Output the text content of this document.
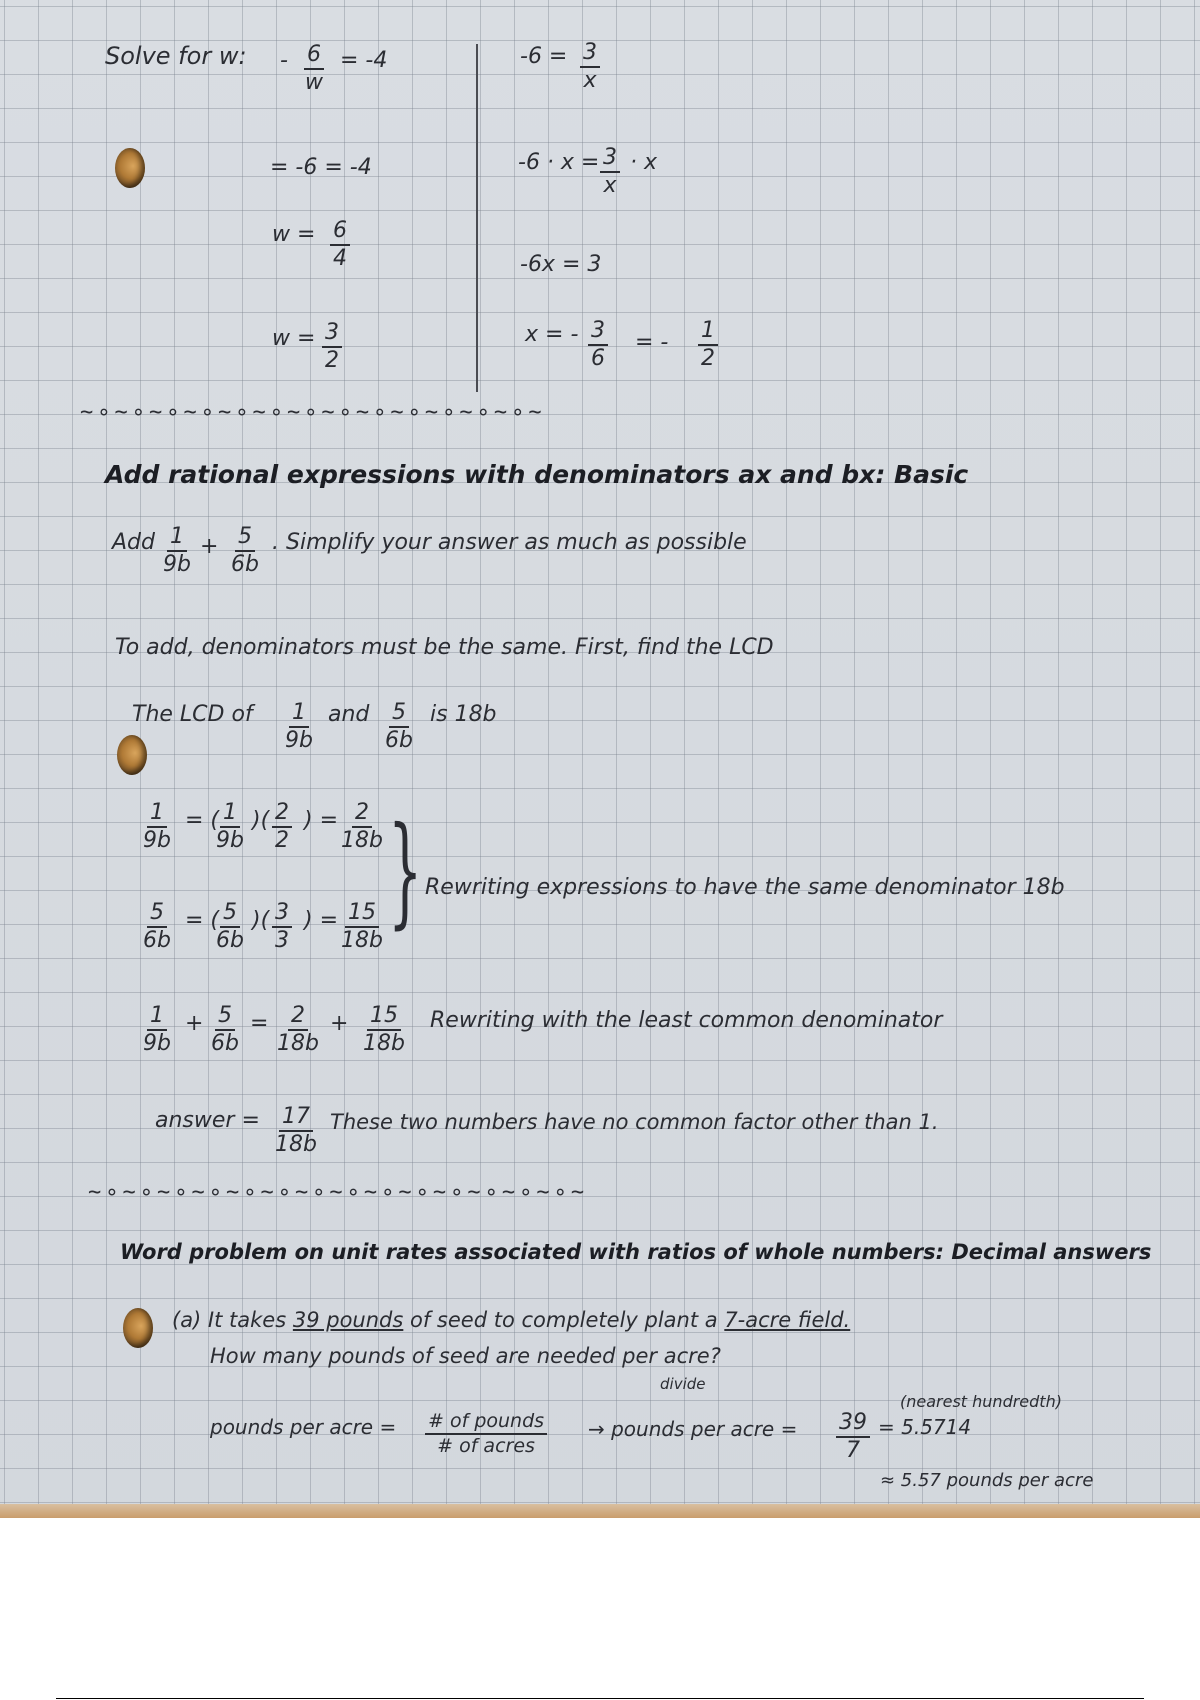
Solve for w: - $\frac{6}{w} = -4$
= -6 = -4
$w = \frac{6}{4}$
$w = \frac{3}{2}$
$-6 = \frac{3}{x}$
$-6 \cdot x = \frac{3}{x} \cdot x$
-6x = 3
x = - $\frac{3}{6}$ = - $\frac{1}{2}$
~∘~∘~∘~∘~∘~∘~∘~∘~∘~∘~∘~∘~∘~
Add rational expressions with denominators ax and bx: Basic
Add $\frac{1}{9b} + \frac{5}{6b}$ . Simplify your answer as much as possible
To add, denominators must be the same. First, find the LCD
The LCD of $\frac{1}{9b}$ and $\frac{5}{6b}$ is 18b
$\frac{1}{9b}$ = (
$\frac{1}{9b}$ )( $\frac{2}{2}$ ) = $\frac{2}{18b}$ } Rewriting expressions to have the same denominator 18b
$\frac{5}{6b}$ = (
$\frac{5}{6b}$ )( $\frac{3}{3}$ ) = $\frac{15}{18b}$
$\frac{1}{9b} + \frac{5}{6b} = \frac{2}{18b} + \frac{15}{18b}$ Rewriting with the least common denominator
answer = $\frac{17}{18b}$ These two numbers have no common factor other than 1.
~∘~∘~∘~∘~∘~∘~∘~∘~∘~∘~∘~∘~∘~∘~
Word problem on unit rates associated with ratios of whole numbers: Decimal answers
(a) It takes 39 pounds of seed to completely plant a 7-acre field.
How many pounds of seed are needed per acre?
divide
(nearest hundredth)
pounds per acre = # of pounds
# of acres
→ pounds per acre = $\frac{39}{7} = 5.5714$
≈ 5.57 pounds per acre
